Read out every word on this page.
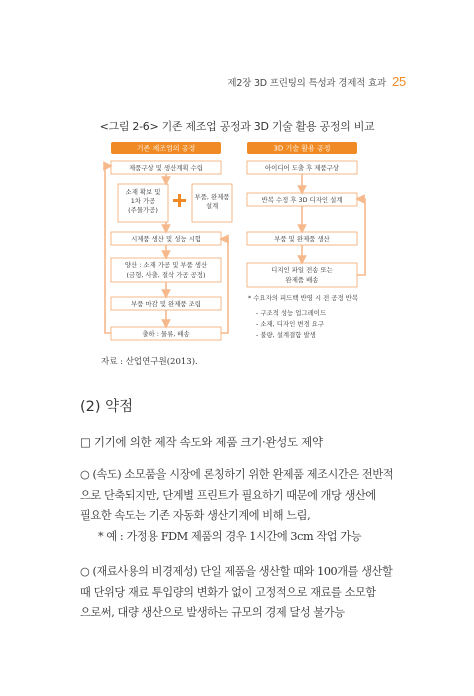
제2장 3D 프린팅의 특성과 경제적 효과 25
<그림 2-6> 기존 제조업 공정과 3D 기술 활용 공정의 비교
기존 제조업의 공정
제품구상 및 생산계획 수립
소재 확보 및
1차 가공
(주물가공)
부품, 완제품
설계
시제품 생산 및 성능 시험
양산 : 소재 가공 및 부품 생산
(금형, 사출, 절삭 가공 공정)
부품 마감 및 완제품 조립
출하 : 물류, 배송
3D 기술 활용 공정
아이디어 도출 후 제품구상
반복 수정 후 3D 디자인 설계
부품 및 완제품 생산
디지인 파일 전송 또는
완제품 배송
* 수요자의 피드백 반영 시 전 공정 반복
- 구조적 성능 업그레이드
- 소재, 디자인 변경 요구
- 불량, 설계결함 발생
자료 : 산업연구원(2013).
(2) 약점
□ 기기에 의한 제작 속도와 제품 크기·완성도 제약
○ (속도) 소모품을 시장에 론칭하기 위한 완제품 제조시간은 전반적
으로 단축되지만, 단계별 프린트가 필요하기 때문에 개당 생산에
필요한 속도는 기존 자동화 생산기계에 비해 느림,
* 예 : 가정용 FDM 제품의 경우 1시간에 3cm 작업 가능
○ (재료사용의 비경제성) 단일 제품을 생산할 때와 100개를 생산할
때 단위당 재료 투입량의 변화가 없이 고정적으로 재료를 소모함
으로써, 대량 생산으로 발생하는 규모의 경제 달성 불가능
